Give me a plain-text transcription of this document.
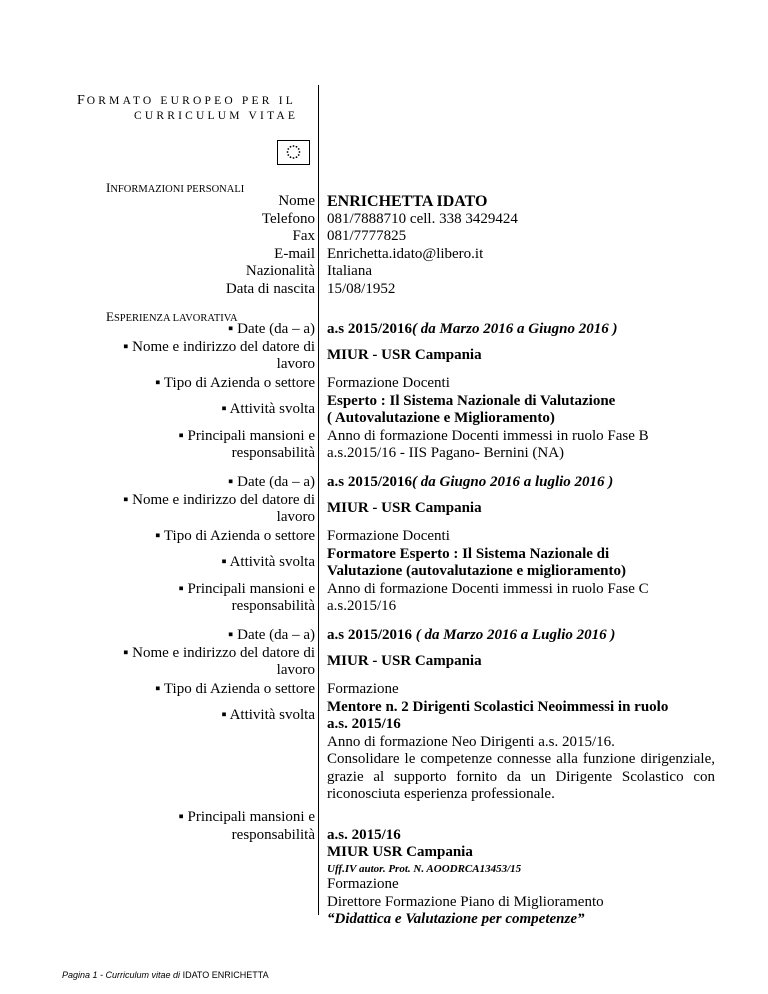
FORMATO EUROPEO PER IL
CURRICULUM VITAE
INFORMAZIONI PERSONALI
Nome ENRICHETTA IDATO
Telefono 081/7888710 cell. 338 3429424
Fax 081/7777825
E-mail Enrichetta.idato@libero.it
Nazionalità Italiana
Data di nascita 15/08/1952
ESPERIENZA LAVORATIVA
▪ Date (da – a) a.s 2015/2016( da Marzo 2016 a Giugno 2016 )
▪ Nome e indirizzo del datore di
lavoro
MIUR - USR Campania
▪ Tipo di Azienda o settore Formazione Docenti
▪ Attività svolta
Esperto : Il Sistema Nazionale di Valutazione
( Autovalutazione e Miglioramento)
▪ Principali mansioni e
responsabilità
Anno di formazione Docenti immessi in ruolo Fase B
a.s.2015/16 - IIS Pagano- Bernini (NA)
▪ Date (da – a) a.s 2015/2016( da Giugno 2016 a luglio 2016 )
▪ Nome e indirizzo del datore di
lavoro
MIUR - USR Campania
▪ Tipo di Azienda o settore Formazione Docenti
▪ Attività svolta
Formatore Esperto : Il Sistema Nazionale di
Valutazione (autovalutazione e miglioramento)
▪ Principali mansioni e
responsabilità
Anno di formazione Docenti immessi in ruolo Fase C
a.s.2015/16
▪ Date (da – a) a.s 2015/2016 ( da Marzo 2016 a Luglio 2016 )
▪ Nome e indirizzo del datore di
lavoro
MIUR - USR Campania
▪ Tipo di Azienda o settore Formazione
▪ Attività svolta
Mentore n. 2 Dirigenti Scolastici Neoimmessi in ruolo
a.s. 2015/16
Anno di formazione Neo Dirigenti a.s. 2015/16.
Consolidare le competenze connesse alla funzione dirigenziale, grazie al supporto fornito da un Dirigente Scolastico con riconosciuta esperienza professionale.
▪ Principali mansioni e
responsabilità a.s. 2015/16
MIUR USR Campania
Uff.IV autor. Prot. N. AOODRCA13453/15
Formazione
Direttore Formazione Piano di Miglioramento
“Didattica e Valutazione per competenze”
Pagina 1 - Curriculum vitae di IDATO ENRICHETTA
